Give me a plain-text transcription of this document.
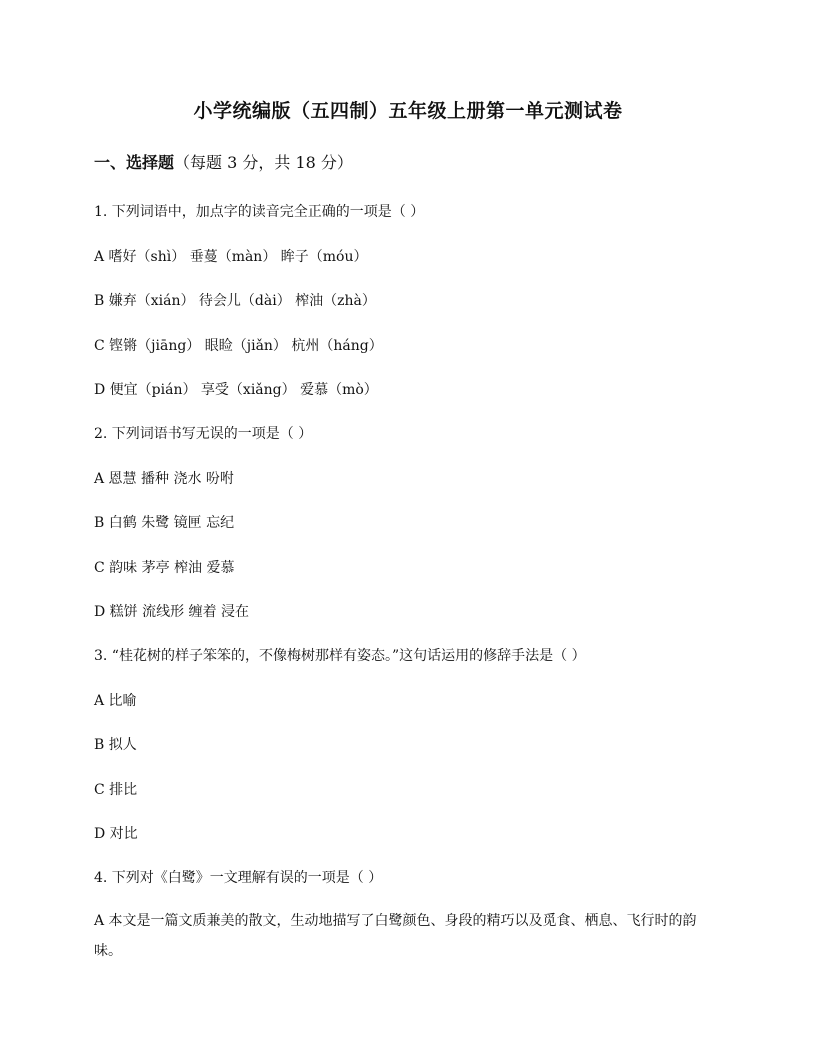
小学统编版（五四制）五年级上册第一单元测试卷
一、选择题（每题 3 分，共 18 分）
1. 下列词语中，加点字的读音完全正确的一项是（ ）
A 嗜好（shì） 垂蔓（màn） 眸子（móu）
B 嫌弃（xián） 待会儿（dài） 榨油（zhà）
C 铿锵（jiāng） 眼睑（jiǎn） 杭州（háng）
D 便宜（pián） 享受（xiǎng） 爱慕（mò）
2. 下列词语书写无误的一项是（ ）
A 恩慧 播种 浇水 吩咐
B 白鹤 朱鹭 镜匣 忘纪
C 韵味 茅亭 榨油 爱慕
D 糕饼 流线形 缠着 浸在
3. “桂花树的样子笨笨的，不像梅树那样有姿态。”这句话运用的修辞手法是（ ）
A 比喻
B 拟人
C 排比
D 对比
4. 下列对《白鹭》一文理解有误的一项是（ ）
A 本文是一篇文质兼美的散文，生动地描写了白鹭颜色、身段的精巧以及觅食、栖息、飞行时的韵味。
